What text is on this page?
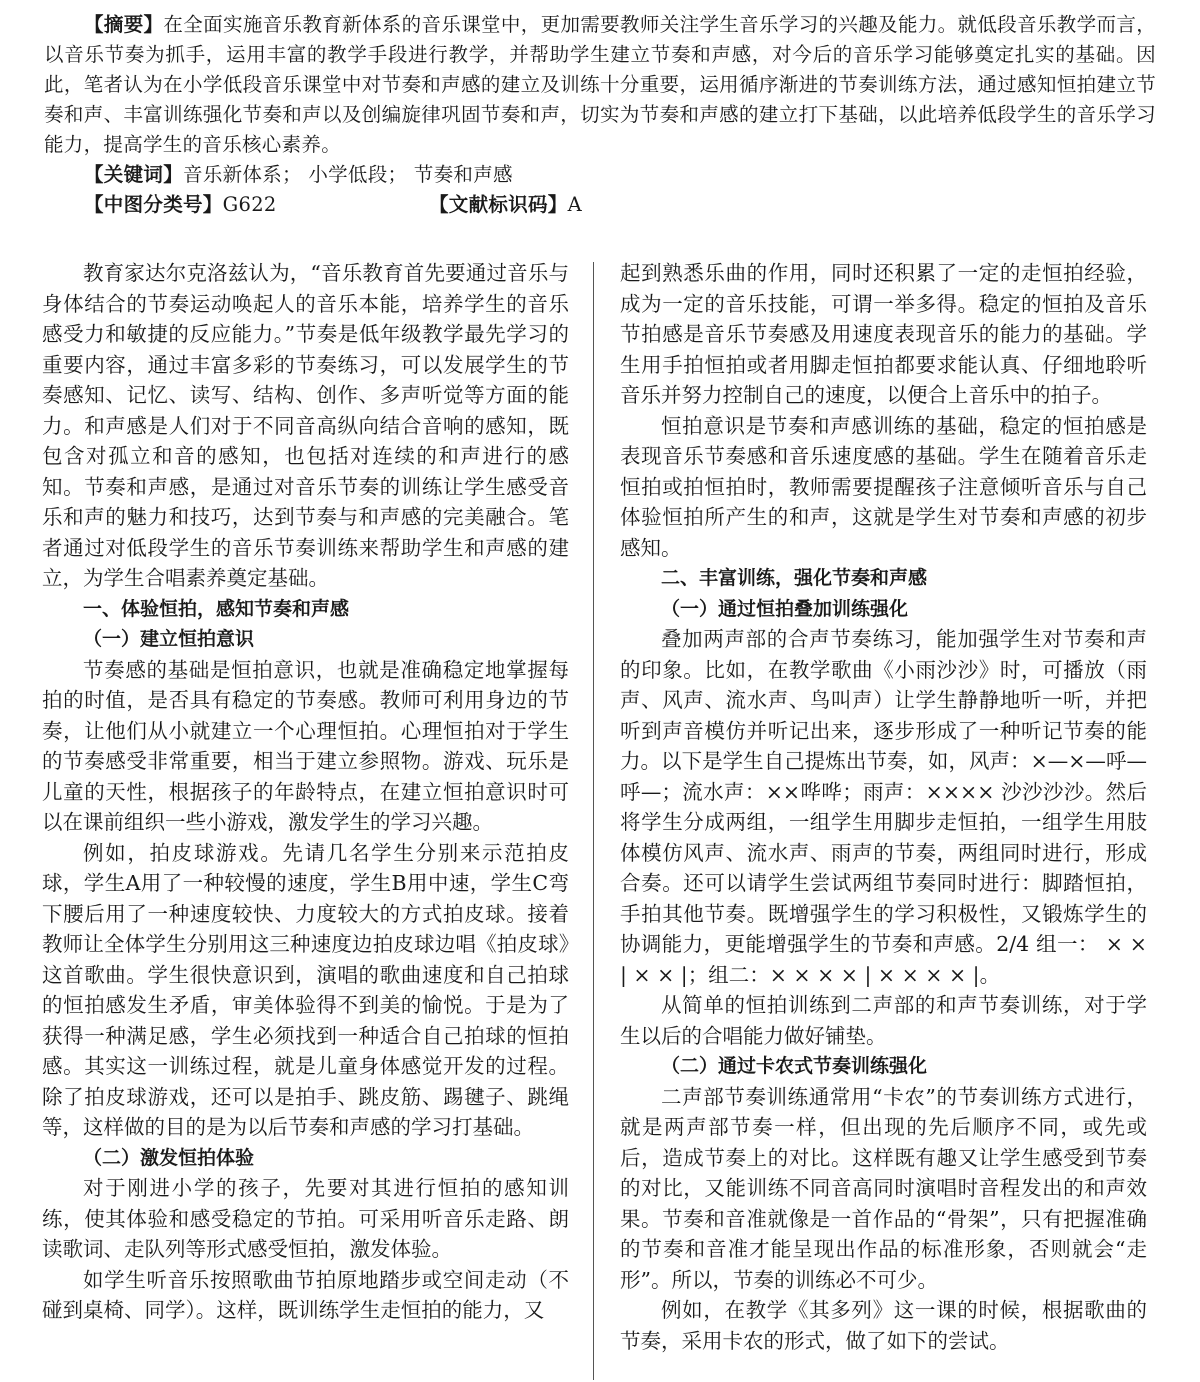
【摘要】在全面实施音乐教育新体系的音乐课堂中，更加需要教师关注学生音乐学习的兴趣及能力。就低段音乐教学而言，以音乐节奏为抓手，运用丰富的教学手段进行教学，并帮助学生建立节奏和声感，对今后的音乐学习能够奠定扎实的基础。因此，笔者认为在小学低段音乐课堂中对节奏和声感的建立及训练十分重要，运用循序渐进的节奏训练方法，通过感知恒拍建立节奏和声、丰富训练强化节奏和声以及创编旋律巩固节奏和声，切实为节奏和声感的建立打下基础，以此培养低段学生的音乐学习能力，提高学生的音乐核心素养。

【关键词】音乐新体系； 小学低段； 节奏和声感

【中图分类号】G622	【文献标识码】A

教育家达尔克洛兹认为，“音乐教育首先要通过音乐与身体结合的节奏运动唤起人的音乐本能，培养学生的音乐感受力和敏捷的反应能力。”节奏是低年级教学最先学习的重要内容，通过丰富多彩的节奏练习，可以发展学生的节奏感知、记忆、读写、结构、创作、多声听觉等方面的能力。和声感是人们对于不同音高纵向结合音响的感知，既包含对孤立和音的感知，也包括对连续的和声进行的感知。节奏和声感，是通过对音乐节奏的训练让学生感受音乐和声的魅力和技巧，达到节奏与和声感的完美融合。笔者通过对低段学生的音乐节奏训练来帮助学生和声感的建立，为学生合唱素养奠定基础。

一、体验恒拍，感知节奏和声感

（一）建立恒拍意识

节奏感的基础是恒拍意识，也就是准确稳定地掌握每拍的时值，是否具有稳定的节奏感。教师可利用身边的节奏，让他们从小就建立一个心理恒拍。心理恒拍对于学生的节奏感受非常重要，相当于建立参照物。游戏、玩乐是儿童的天性，根据孩子的年龄特点，在建立恒拍意识时可以在课前组织一些小游戏，激发学生的学习兴趣。

例如，拍皮球游戏。先请几名学生分别来示范拍皮球，学生A用了一种较慢的速度，学生B用中速，学生C弯下腰后用了一种速度较快、力度较大的方式拍皮球。接着教师让全体学生分别用这三种速度边拍皮球边唱《拍皮球》这首歌曲。学生很快意识到，演唱的歌曲速度和自己拍球的恒拍感发生矛盾，审美体验得不到美的愉悦。于是为了获得一种满足感，学生必须找到一种适合自己拍球的恒拍感。其实这一训练过程，就是儿童身体感觉开发的过程。除了拍皮球游戏，还可以是拍手、跳皮筋、踢毽子、跳绳等，这样做的目的是为以后节奏和声感的学习打基础。

（二）激发恒拍体验

对于刚进小学的孩子，先要对其进行恒拍的感知训练，使其体验和感受稳定的节拍。可采用听音乐走路、朗读歌词、走队列等形式感受恒拍，激发体验。

如学生听音乐按照歌曲节拍原地踏步或空间走动（不碰到桌椅、同学）。这样，既训练学生走恒拍的能力，又

起到熟悉乐曲的作用，同时还积累了一定的走恒拍经验，成为一定的音乐技能，可谓一举多得。稳定的恒拍及音乐节拍感是音乐节奏感及用速度表现音乐的能力的基础。学生用手拍恒拍或者用脚走恒拍都要求能认真、仔细地聆听音乐并努力控制自己的速度，以便合上音乐中的拍子。

恒拍意识是节奏和声感训练的基础，稳定的恒拍感是表现音乐节奏感和音乐速度感的基础。学生在随着音乐走恒拍或拍恒拍时，教师需要提醒孩子注意倾听音乐与自己体验恒拍所产生的和声，这就是学生对节奏和声感的初步感知。

二、丰富训练，强化节奏和声感

（一）通过恒拍叠加训练强化

叠加两声部的合声节奏练习，能加强学生对节奏和声的印象。比如，在教学歌曲《小雨沙沙》时，可播放（雨声、风声、流水声、鸟叫声）让学生静静地听一听，并把听到声音模仿并听记出来，逐步形成了一种听记节奏的能力。以下是学生自己提炼出节奏，如，风声：×—×—呼— 呼—；流水声：××哗哗；雨声：×××× 沙沙沙沙。然后将学生分成两组，一组学生用脚步走恒拍，一组学生用肢体模仿风声、流水声、雨声的节奏，两组同时进行，形成合奏。还可以请学生尝试两组节奏同时进行：脚踏恒拍，手拍其他节奏。既增强学生的学习积极性，又锻炼学生的协调能力，更能增强学生的节奏和声感。2/4 组一： × × | × × |；组二：× × × × | × × × × |。

从简单的恒拍训练到二声部的和声节奏训练，对于学生以后的合唱能力做好铺垫。

（二）通过卡农式节奏训练强化

二声部节奏训练通常用“卡农”的节奏训练方式进行，就是两声部节奏一样，但出现的先后顺序不同，或先或后，造成节奏上的对比。这样既有趣又让学生感受到节奏的对比，又能训练不同音高同时演唱时音程发出的和声效果。节奏和音准就像是一首作品的“骨架”，只有把握准确的节奏和音准才能呈现出作品的标准形象，否则就会“走形”。所以，节奏的训练必不可少。

例如，在教学《其多列》这一课的时候，根据歌曲的节奏，采用卡农的形式，做了如下的尝试。
